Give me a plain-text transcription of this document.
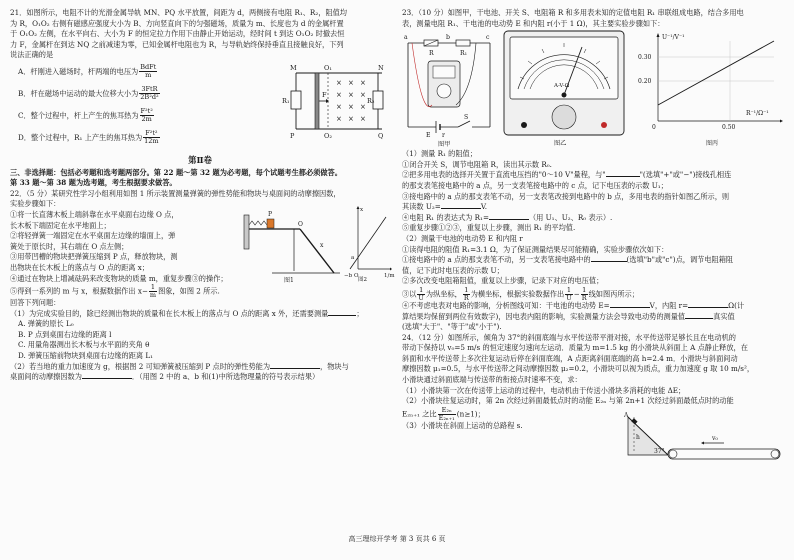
21．如图所示，电阻不计的光滑金属导轨 MN、PQ 水平放置，间距为 d，两侧接有电阻 R₁、R₂，阻值均
为 R，O₁O₂ 右侧有磁感应强度大小为 B、方向竖直向下的匀强磁场，质量为 m、长度也为 d 的金属杆置
于 O₁O₂ 左侧，在水平向右、大小为 F 的恒定拉力作用下由静止开始运动，经时间 t 到达 O₁O₂ 时撤去恒
力 F，金属杆在到达 NQ 之前减速为零，已知金属杆电阻也为 R，与导轨始终保持垂直且接触良好，下列
说法正确的是
A．杆刚进入磁场时，杆两端的电压为 $\frac{\text{BdFt}}{m}$
B．杆在磁场中运动的最大位移大小为 $\frac{\text{3FtR}}{\text{2B²d²}}$
C．整个过程中，杆上产生的焦耳热为 $\frac{\text{F²t²}}{2m}$
D．整个过程中，R₁ 上产生的焦耳热为 $\frac{\text{F²t²}}{12m}$
× × ×
× × ×
× × ×
× × ×
M	N
P	Q
O₁
O₂
R₁	R₂
F
第Ⅱ卷
三、非选择题：包括必考题和选考题两部分。第 22 题～第 32 题为必考题，每个试题考生都必须做答。
第 33 题～第 38 题为选考题，考生根据要求做答。
22．（5 分）某研究性学习小组利用如图 1 所示装置测量弹簧的弹性势能和物块与桌面间的动摩擦因数，
实验步骤如下：
①将一长直薄木板上端斜靠在水平桌面右边缘 O 点，
长木板下端固定在水平地面上；
②将轻弹簧一端固定在水平桌面左边缘的墙面上，弹
簧处于原长时，其右端在 O 点左侧；
③用带凹槽的物块把弹簧压缩到 P 点，释放物块，测
出物块在长木板上的落点与 O 点的距离 x；
④通过在物块上增减砝码来改变物块的质量 m，重复步骤③的操作；
⑤得到一系列的 m 与 x，根据数据作出 $x- \frac{1}{m}$ 图象，如图 2 所示.
P
O
x
图1
x
1/m
O
a
−b
图2
回答下列问题：
（1）为完成实验目的，除已经测出物块的质量和在长木板上的落点与 O 点的距离 x 外，还需要测量	；
A. 弹簧的原长 L₀
B. P 点到桌面右边缘的距离 l
C. 用量角器测出长木板与水平面的夹角 θ
D. 弹簧压缩前物块到桌面右边缘的距离 L₁
（2）若当地的重力加速度为 g，根据图 2 可知弹簧被压缩到 P 点时的弹性势能为	，物块与
桌面间的动摩擦因数为	．（用图 2 中的 a、b 和(1)中所选物理量的符号表示结果）
23．（10 分）如图甲，干电池、开关 S、电阻箱 R 和多用表未知的定值电阻 R₁ 串联组成电路，结合多用电
表，测量电阻 R₁、干电池的电动势 E 和内阻 r(小于 1 Ω)，其主要实验步骤如下：
a	b	c
R	R₁
E r
S
图甲
A-V-Ω
图乙
U⁻¹/V⁻¹
R⁻¹/Ω⁻¹
0.30
0.20
0	0.50
图丙
（1）测量 R₁ 的阻值；
①闭合开关 S，调节电阻箱 R，读出其示数 R₀.
②把多用电表的选择开关置于直流电压挡的"0～10 V"量程，与"	"(选填"+"或"−")接线孔相连
的那支表笔接电路中的 a 点，另一支表笔接电路中的 c 点，记下电压表的示数 U₁；
③接电路中的 a 点的那支表笔不动，另一支表笔改接到电路中的 b 点，多用电表的指针如图乙所示，则
其读数 U₂=	V.
④电阻 R₁ 的表达式为 R₁=	（用 U₁、U₂、R₀ 表示）.
⑤重复步骤①②③，重复以上步骤，测出 R₁ 的平均值.
（2）测量干电池的电动势 E 和内阻 r
①读得电阻的阻值 R₁=3.1 Ω，为了保证测量结果尽可能精确，实验步骤依次如下：
①接电路中的 a 点的那支表笔不动，另一支表笔接电路中的	(选填"b"或"c")点，调节电阻箱阻
值，记下此时电压表的示数 U；
②多次改变电阻箱阻值，重复以上步骤，记录下对应的电压值；
③以 $\frac{1}{U}$ 为纵坐标， $\frac{1}{R}$ 为横坐标，根据实验数据作出 $\frac{1}{U} - \frac{1}{R}$ 线如图丙所示；
④不考虑电表对电路的影响，分析图线可知：干电池的电动势 E=	V，内阻 r=	Ω(计
算结果均保留到两位有效数字)，因电表内阻的影响，实验测量方法会导致电动势的测量值	真实值
(选填"大于"、"等于"或"小于").
24．（12 分）如图所示，倾角为 37°的斜面底端与水平传送带平滑对接，水平传送带足够长且在电动机的
带动下保持以 v₀=5 m/s 的恒定速度匀速向左运动．质量为 m=1.5 kg 的小滑块从斜面上 A 点静止释放，在
斜面和水平传送带上多次往复运动后停在斜面底端，A 点距离斜面底端的高 h=2.4 m．小滑块与斜面间动
摩擦因数 μ₁=0.5，与水平传送带之间动摩擦因数 μ₂=0.2，小滑块可以视为质点，重力加速度 g 取 10 m/s²，
小滑块通过斜面底端与传送带的衔接点时速率不变，求：
（1）小滑块第一次在传送带上运动的过程中，电动机由于传送小滑块多消耗的电能 ΔE；
（2）小滑块往复运动时，第 2n 次经过斜面最低点时的动能 E₂ₙ 与第 2n+1 次经过斜面最低点时的动能
E₂ₙ₊₁ 之比 $\frac{\text{E₂ₙ}}{\text{E₂ₙ₊₁}} (n\ge 1)$；
（3）小滑块在斜面上运动的总路程 s.
A
h
37°
v₀
高三理综开学考 第 3 页共 6 页
